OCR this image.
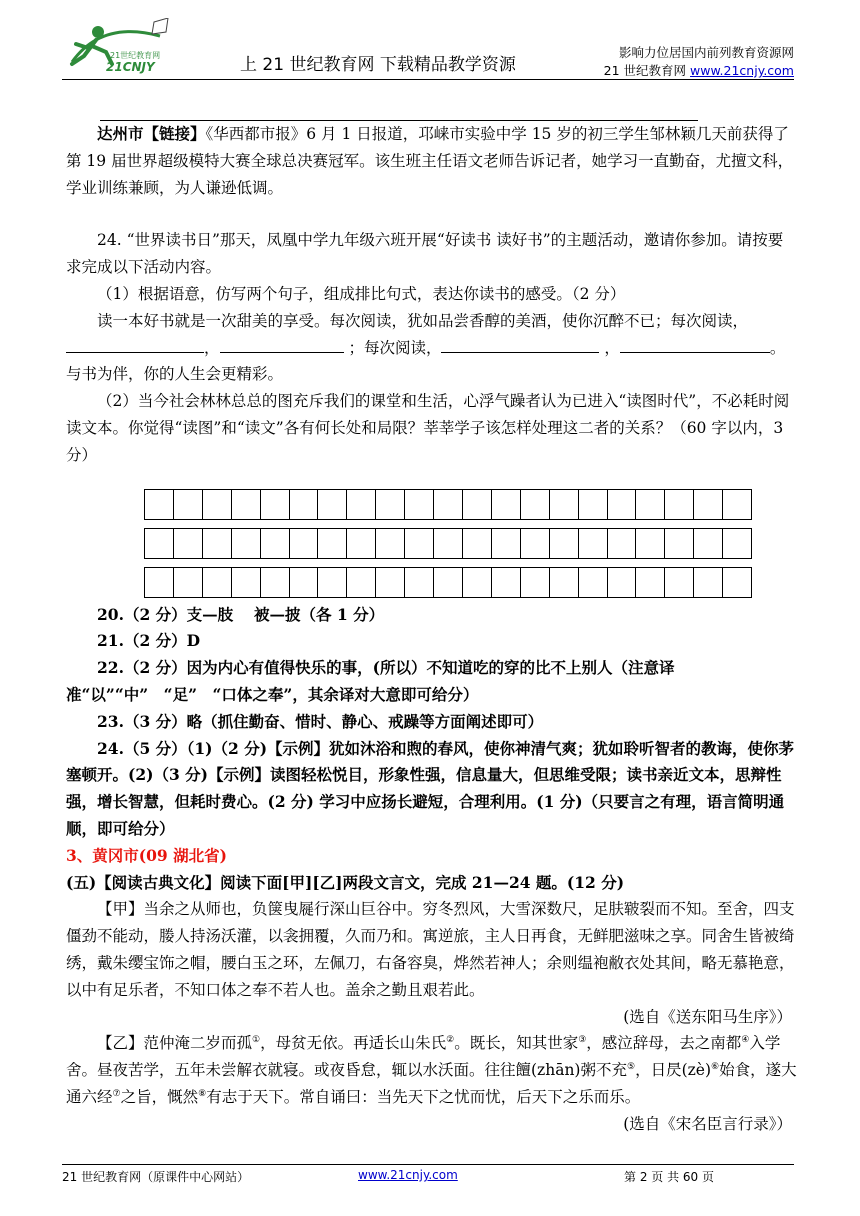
21世纪教育网
21CNJY	上 21 世纪教育网 下载精品教学资源
影响力位居国内前列教育资源网
21 世纪教育网 www.21cnjy.com

达州市【链接】《华西都市报》6 月 1 日报道，邛崃市实验中学 15 岁的初三学生邹林颖几天前获得了第 19 届世界超级模特大赛全球总决赛冠军。该生班主任语文老师告诉记者，她学习一直勤奋，尤擅文科，学业训练兼顾，为人谦逊低调。

24. “世界读书日”那天，凤凰中学九年级六班开展“好读书 读好书”的主题活动，邀请你参加。请按要求完成以下活动内容。

（1）根据语意，仿写两个句子，组成排比句式，表达你读书的感受。（2 分）

读一本好书就是一次甜美的享受。每次阅读，犹如品尝香醇的美酒，使你沉醉不已；每次阅读，，	；每次阅读，	，	。

与书为伴，你的人生会更精彩。

（2）当今社会林林总总的图充斥我们的课堂和生活，心浮气躁者认为已进入“读图时代”，不必耗时阅读文本。你觉得“读图”和“读文”各有何长处和局限？莘莘学子该怎样处理这二者的关系？（60 字以内，3 分）

20.（2 分）支—肢　 被—披（各 1 分）

21.（2 分）D

22.（2 分）因为内心有值得快乐的事，(所以）不知道吃的穿的比不上别人（注意译准“以”“中”　“足”　“口体之奉”，其余译对大意即可给分）

23.（3 分）略（抓住勤奋、惜时、静心、戒躁等方面阐述即可）

24.（5 分）（1)（2 分)【示例】犹如沐浴和煦的春风，使你神清气爽；犹如聆听智者的教诲，使你茅塞顿开。(2)（3 分)【示例】读图轻松悦目，形象性强，信息量大，但思维受限；读书亲近文本，思辩性强，增长智慧，但耗时费心。(2 分) 学习中应扬长避短，合理利用。(1 分)（只要言之有理，语言简明通顺，即可给分）

3、黄冈市(09 湖北省)

(五)【阅读古典文化】阅读下面[甲][乙]两段文言文，完成 21—24 题。(12 分)

【甲】当余之从师也，负箧曳屣行深山巨谷中。穷冬烈风，大雪深数尺，足肤皲裂而不知。至舍，四支僵劲不能动，媵人持汤沃灌，以衾拥覆，久而乃和。寓逆旅，主人日再食，无鲜肥滋味之享。同舍生皆被绮绣，戴朱缨宝饰之帽，腰白玉之环，左佩刀，右备容臭，烨然若神人；余则缊袍敝衣处其间，略无慕艳意，以中有足乐者，不知口体之奉不若人也。盖余之勤且艰若此。

(选自《送东阳马生序》）

【乙】范仲淹二岁而孤①，母贫无依。再适长山朱氏②。既长，知其世家③，感泣辞母，去之南都④入学舍。昼夜苦学，五年未尝解衣就寝。或夜昏怠，辄以水沃面。往往饘(zhān)粥不充⑤，日昃(zè)⑥始食，遂大通六经⑦之旨，慨然⑧有志于天下。常自诵曰：当先天下之忧而忧，后天下之乐而乐。

(选自《宋名臣言行录》）

21 世纪教育网（原课件中心网站）	www.21cnjy.com	第 2 页 共 60 页
